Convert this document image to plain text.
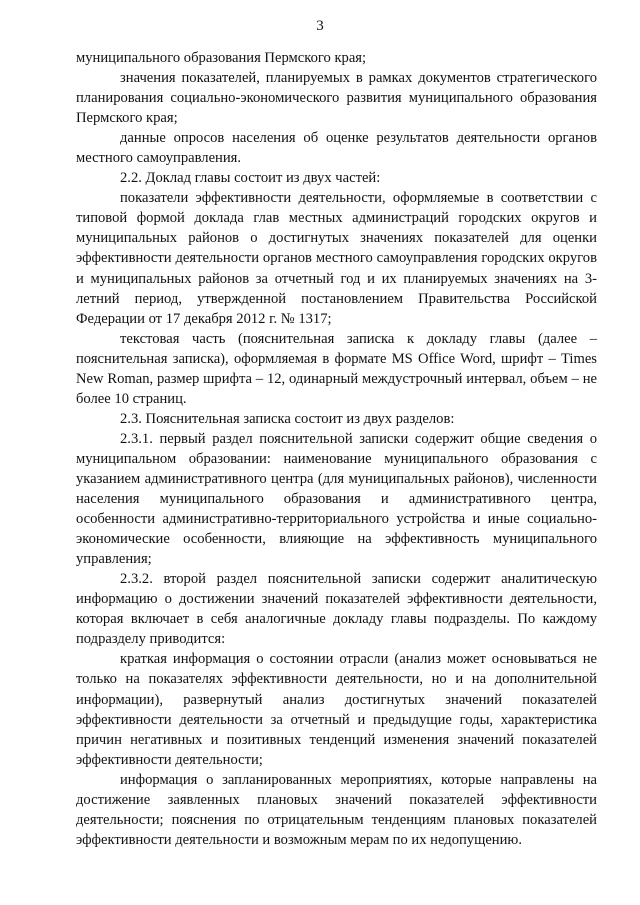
3

муниципального образования Пермского края;

значения показателей, планируемых в рамках документов стратегического планирования социально-экономического развития муниципального образования Пермского края;

данные опросов населения об оценке результатов деятельности органов местного самоуправления.

2.2. Доклад главы состоит из двух частей:

показатели эффективности деятельности, оформляемые в соответствии с типовой формой доклада глав местных администраций городских округов и муниципальных районов о достигнутых значениях показателей для оценки эффективности деятельности органов местного самоуправления городских округов и муниципальных районов за отчетный год и их планируемых значениях на 3-летний период, утвержденной постановлением Правительства Российской Федерации от 17 декабря 2012 г. № 1317;

текстовая часть (пояснительная записка к докладу главы (далее – пояснительная записка), оформляемая в формате MS Office Word, шрифт – Times New Roman, размер шрифта – 12, одинарный междустрочный интервал, объем – не более 10 страниц.

2.3. Пояснительная записка состоит из двух разделов:

2.3.1. первый раздел пояснительной записки содержит общие сведения о муниципальном образовании: наименование муниципального образования с указанием административного центра (для муниципальных районов), численности населения муниципального образования и административного центра, особенности административно-территориального устройства и иные социально-экономические особенности, влияющие на эффективность муниципального управления;

2.3.2. второй раздел пояснительной записки содержит аналитическую информацию о достижении значений показателей эффективности деятельности, которая включает в себя аналогичные докладу главы подразделы. По каждому подразделу приводится:

краткая информация о состоянии отрасли (анализ может основываться не только на показателях эффективности деятельности, но и на дополнительной информации), развернутый анализ достигнутых значений показателей эффективности деятельности за отчетный и предыдущие годы, характеристика причин негативных и позитивных тенденций изменения значений показателей эффективности деятельности;

информация о запланированных мероприятиях, которые направлены на достижение заявленных плановых значений показателей эффективности деятельности; пояснения по отрицательным тенденциям плановых показателей эффективности деятельности и возможным мерам по их недопущению.
